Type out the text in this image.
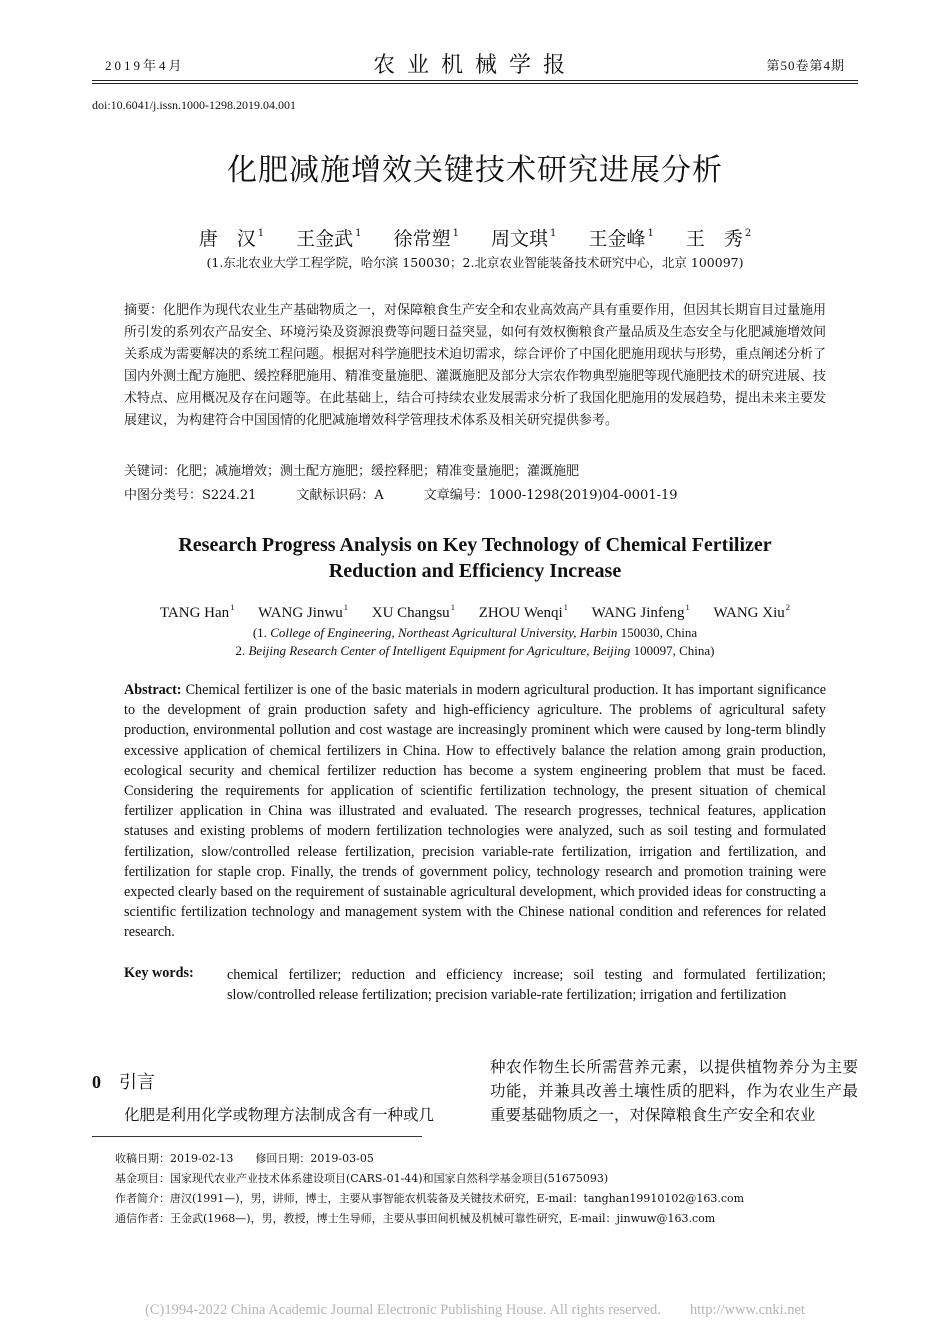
2019年4月	农业机械学报	第50卷第4期
doi:10.6041/j.issn.1000-1298.2019.04.001
化肥减施增效关键技术研究进展分析
唐　汉 $^1$ 王金武 $^1$ 徐常塑 $^1$ 周文琪 $^1$ 王金峰 $^1$ 王　秀 $^2$
(1.东北农业大学工程学院，哈尔滨 150030；2.北京农业智能装备技术研究中心，北京 100097)
摘要：化肥作为现代农业生产基础物质之一，对保障粮食生产安全和农业高效高产具有重要作用，但因其长期盲目过量施用所引发的系列农产品安全、环境污染及资源浪费等问题日益突显，如何有效权衡粮食产量品质及生态安全与化肥减施增效间关系成为需要解决的系统工程问题。根据对科学施肥技术迫切需求，综合评价了中国化肥施用现状与形势，重点阐述分析了国内外测土配方施肥、缓控释肥施用、精准变量施肥、灌溉施肥及部分大宗农作物典型施肥等现代施肥技术的研究进展、技术特点、应用概况及存在问题等。在此基础上，结合可持续农业发展需求分析了我国化肥施用的发展趋势，提出未来主要发展建议，为构建符合中国国情的化肥减施增效科学管理技术体系及相关研究提供参考。
关键词：化肥；减施增效；测土配方施肥；缓控释肥；精准变量施肥；灌溉施肥
中图分类号：S224.21	文献标识码：A	文章编号：1000-1298(2019)04-0001-19
Research Progress Analysis on Key Technology of Chemical Fertilizer
Reduction and Efficiency Increase
TANG Han$^1$ WANG Jinwu$^1$ XU Changsu$^1$ ZHOU Wenqi$^1$ WANG Jinfeng$^1$ WANG Xiu$^2$
(1. College of Engineering, Northeast Agricultural University, Harbin 150030, China
2. Beijing Research Center of Intelligent Equipment for Agriculture, Beijing 100097, China)
Abstract: Chemical fertilizer is one of the basic materials in modern agricultural production. It has important significance to the development of grain production safety and high-efficiency agriculture. The problems of agricultural safety production, environmental pollution and cost wastage are increasingly prominent which were caused by long-term blindly excessive application of chemical fertilizers in China. How to effectively balance the relation among grain production, ecological security and chemical fertilizer reduction has become a system engineering problem that must be faced. Considering the requirements for application of scientific fertilization technology, the present situation of chemical fertilizer application in China was illustrated and evaluated. The research progresses, technical features, application statuses and existing problems of modern fertilization technologies were analyzed, such as soil testing and formulated fertilization, slow/controlled release fertilization, precision variable-rate fertilization, irrigation and fertilization, and fertilization for staple crop. Finally, the trends of government policy, technology research and promotion training were expected clearly based on the requirement of sustainable agricultural development, which provided ideas for constructing a scientific fertilization technology and management system with the Chinese national condition and references for related research.
Key words: chemical fertilizer; reduction and efficiency increase; soil testing and formulated fertilization; slow/controlled release fertilization; precision variable-rate fertilization; irrigation and fertilization
0 引言
化肥是利用化学或物理方法制成含有一种或几
种农作物生长所需营养元素，以提供植物养分为主要功能，并兼具改善土壤性质的肥料，作为农业生产最重要基础物质之一，对保障粮食生产安全和农业
收稿日期：2019-02-13　　修回日期：2019-03-05
基金项目：国家现代农业产业技术体系建设项目(CARS-01-44)和国家自然科学基金项目(51675093)
作者简介：唐汉(1991—)，男，讲师，博士，主要从事智能农机装备及关键技术研究，E-mail：tanghan19910102@163.com
通信作者：王金武(1968—)，男，教授，博士生导师，主要从事田间机械及机械可靠性研究，E-mail：jinwuw@163.com
(C)1994-2022 China Academic Journal Electronic Publishing House. All rights reserved.　　http://www.cnki.net
